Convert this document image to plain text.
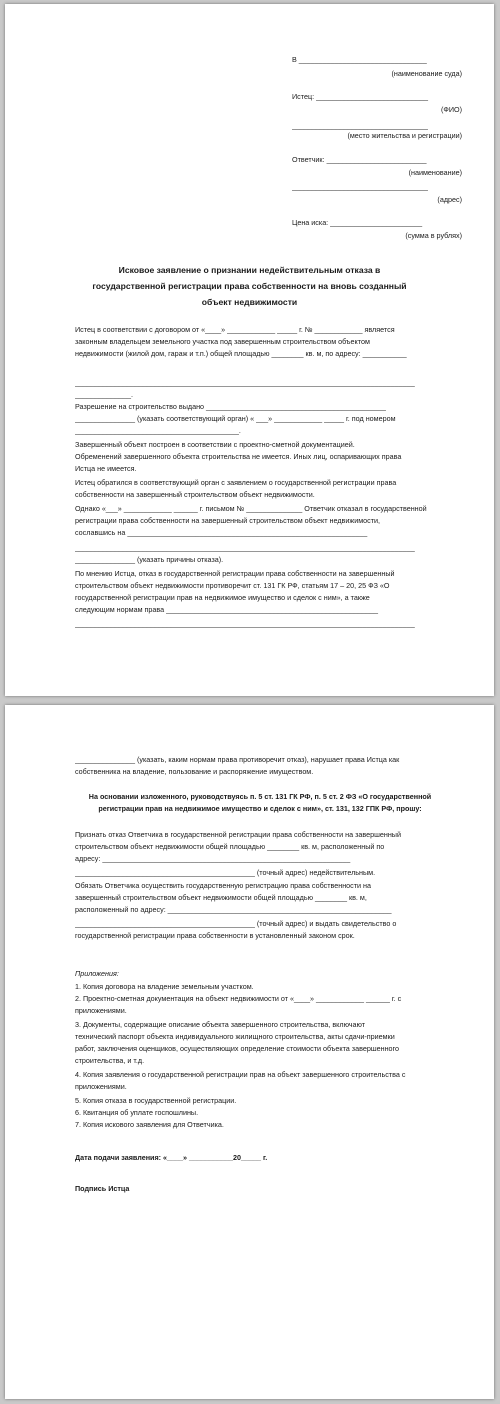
В ________________________________
(наименование суда)
Истец: ____________________________
(ФИО)
__________________________________
(место жительства и регистрации)
Ответчик: _________________________
(наименование)
__________________________________
(адрес)
Цена иска: _______________________
(сумма в рублях)
Исковое заявление о признании недействительным отказа в
государственной регистрации права собственности на вновь созданный
объект недвижимости
Истец в соответствии с договором от «____» ____________ _____ г. № ____________ является
законным владельцем земельного участка под завершенным строительством объектом
недвижимости (жилой дом, гараж и т.п.) общей площадью ________ кв. м, по адресу: ___________
_____________________________________________________________________________________
______________.
Разрешение на строительство выдано _____________________________________________
_______________ (указать соответствующий орган) « ___» ____________ _____ г. под номером
_________________________________________.
Завершенный объект построен в соответствии с проектно-сметной документацией.
Обременений завершенного объекта строительства не имеется. Иных лиц, оспаривающих права
Истца не имеется.
Истец обратился в соответствующий орган с заявлением о государственной регистрации права
собственности на завершенный строительством объект недвижимости.
Однако «___» ____________ ______ г. письмом № ______________ Ответчик отказал в государственной
регистрации права собственности на завершенный строительством объект недвижимости,
сославшись на ____________________________________________________________
_____________________________________________________________________________________
_______________ (указать причины отказа).
По мнению Истца, отказ в государственной регистрации права собственности на завершенный
строительством объект недвижимости противоречит ст. 131 ГК РФ, статьям 17 – 20, 25 ФЗ «О
государственной регистрации прав на недвижимое имущество и сделок с ним», а также
следующим нормам права _____________________________________________________
_____________________________________________________________________________________
_______________ (указать, каким нормам права противоречит отказ), нарушает права Истца как
собственника на владение, пользование и распоряжение имуществом.
На основании изложенного, руководствуясь п. 5 ст. 131 ГК РФ, п. 5 ст. 2 ФЗ «О государственной
регистрации прав на недвижимое имущество и сделок с ним», ст. 131, 132 ГПК РФ, прошу:
Признать отказ Ответчика в государственной регистрации права собственности на завершенный
строительством объект недвижимости общей площадью ________ кв. м, расположенный по
адресу: ______________________________________________________________
_____________________________________________ (точный адрес) недействительным.
Обязать Ответчика осуществить государственную регистрацию права собственности на
завершенный строительством объект недвижимости общей площадью ________ кв. м,
расположенный по адресу: ________________________________________________________
_____________________________________________ (точный адрес) и выдать свидетельство о
государственной регистрации права собственности в установленный законом срок.
Приложения:
1. Копия договора на владение земельным участком.
2. Проектно-сметная документация на объект недвижимости от «____» ____________ ______ г. с
приложениями.
3. Документы, содержащие описание объекта завершенного строительства, включают
технический паспорт объекта индивидуального жилищного строительства, акты сдачи-приемки
работ, заключения оценщиков, осуществляющих определение стоимости объекта завершенного
строительства, и т.д.
4. Копия заявления о государственной регистрации прав на объект завершенного строительства с
приложениями.
5. Копия отказа в государственной регистрации.
6. Квитанция об уплате госпошлины.
7. Копия искового заявления для Ответчика.
Дата подачи заявления: «____» ___________20_____ г.
Подпись Истца
